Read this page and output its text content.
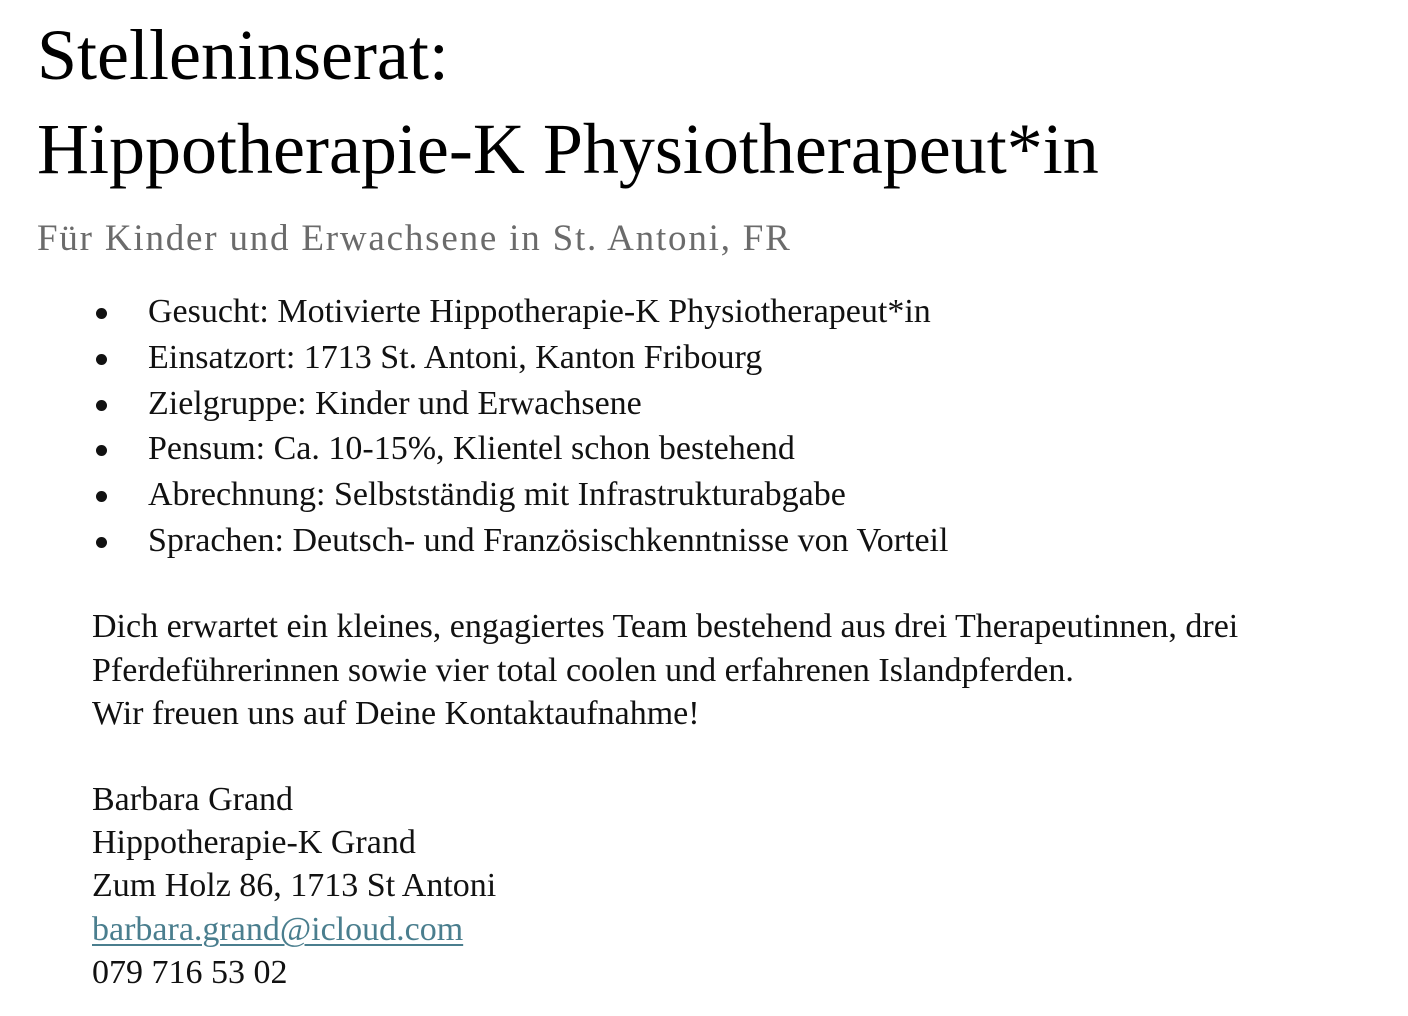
Stelleninserat:
Hippotherapie-K Physiotherapeut*in

Für Kinder und Erwachsene in St. Antoni, FR

Gesucht: Motivierte Hippotherapie-K Physiotherapeut*in
Einsatzort: 1713 St. Antoni, Kanton Fribourg
Zielgruppe: Kinder und Erwachsene
Pensum: Ca. 10-15%, Klientel schon bestehend
Abrechnung: Selbstständig mit Infrastrukturabgabe
Sprachen: Deutsch- und Französischkenntnisse von Vorteil

Dich erwartet ein kleines, engagiertes Team bestehend aus drei Therapeutinnen, drei
Pferdeführerinnen sowie vier total coolen und erfahrenen Islandpferden.
Wir freuen uns auf Deine Kontaktaufnahme!

Barbara Grand
Hippotherapie-K Grand
Zum Holz 86, 1713 St Antoni
barbara.grand@icloud.com
079 716 53 02
